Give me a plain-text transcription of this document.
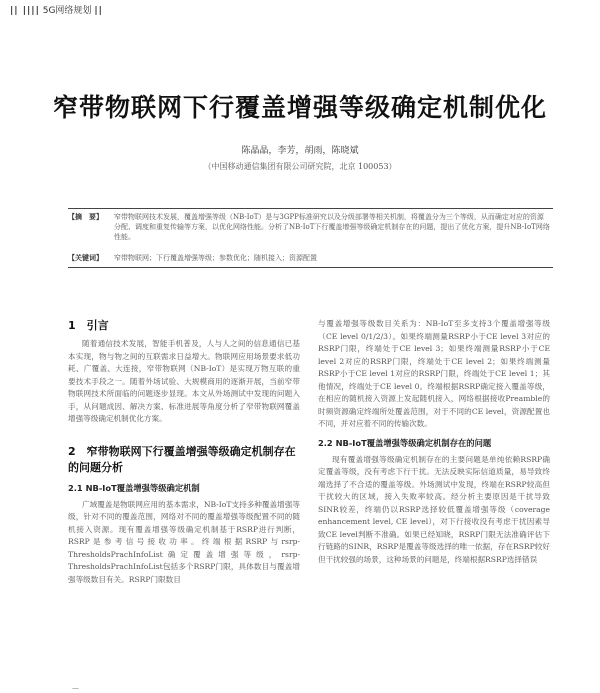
|| |||| 5G网络规划 ||
窄带物联网下行覆盖增强等级确定机制优化
陈晶晶，李芳，胡雨，陈晓斌
（中国移动通信集团有限公司研究院，北京 100053）
【摘　要】	窄带物联网技术发展，覆盖增强等级（NB-IoT）是与3GPP标准研究以及分级部署等相关机制，将覆盖分为三个等级，从而确定对应的资源分配、调度和重复传输等方案，以优化网络性能。分析了NB-IoT下行覆盖增强等级确定机制存在的问题，提出了优化方案，提升NB-IoT网络性能。
【关键词】	窄带物联网；下行覆盖增强等级；参数优化；随机接入；资源配置
1　引言

随着通信技术发展，智能手机普及，人与人之间的信息通信已基本实现，物与物之间的互联需求日益增大。物联网应用场景要求低功耗、广覆盖、大连接，窄带物联网（NB-IoT）是实现万物互联的重要技术手段之一。随着外场试验、大规模商用的逐渐开展，当前窄带物联网技术所面临的问题逐步显现。本文从外场测试中发现的问题入手，从问题成因、解决方案、标准进展等角度分析了窄带物联网覆盖增强等级确定机制优化方案。

2　窄带物联网下行覆盖增强等级确定机制存在的问题分析
2.1 NB-IoT覆盖增强等级确定机制

广域覆盖是物联网应用的基本需求，NB-IoT支持多种覆盖增强等级，针对不同的覆盖范围，网络对不同的覆盖增强等级配置不同的随机接入资源。现有覆盖增强等级确定机制基于RSRP进行判断，RSRP是参考信号接收功率。终端根据RSRP与rsrp-ThresholdsPrachInfoList确定覆盖增强等级，rsrp-ThresholdsPrachInfoList包括多个RSRP门限，具体数目与覆盖增强等级数目有关。RSRP门限数目

与覆盖增强等级数目关系为：NB-IoT至多支持3个覆盖增强等级（CE level 0/1/2/3）。如果终端测量RSRP小于CE level 3对应的RSRP门限，终端处于CE level 3；如果终端测量RSRP小于CE level 2对应的RSRP门限，终端处于CE level 2；如果终端测量RSRP小于CE level 1对应的RSRP门限，终端处于CE level 1；其他情况，终端处于CE level 0。终端根据RSRP确定接入覆盖等级，在相应的随机接入资源上发起随机接入，网络根据接收Preamble的时频资源确定终端所处覆盖范围，对于不同的CE level，资源配置也不同，并对应着不同的传输次数。

2.2 NB-IoT覆盖增强等级确定机制存在的问题

现有覆盖增强等级确定机制存在的主要问题是单纯依赖RSRP确定覆盖等级，没有考虑下行干扰。无法反映实际信道质量，易导致终端选择了不合适的覆盖等级。外场测试中发现，终端在RSRP较高但干扰较大的区域，接入失败率较高。经分析主要原因是干扰导致SINR较差，终端仍以RSRP选择较低覆盖增强等级（coverage enhancement level, CE level），对下行接收没有考虑干扰因素导致CE level判断不准确。如果已经知晓，RSRP门限无法准确评估下行链路的SINR，RSRP是覆盖等级选择的唯一依据，存在RSRP较好但干扰较强的场景，这种场景的问题是，终端根据RSRP选择错误

—
